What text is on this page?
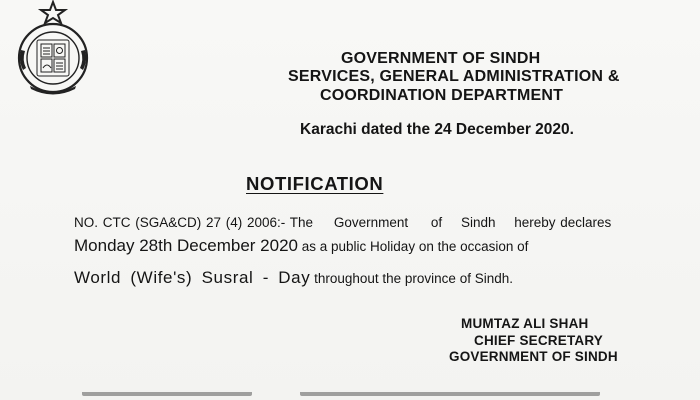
GOVERNMENT OF SINDH
SERVICES, GENERAL ADMINISTRATION &
COORDINATION DEPARTMENT
Karachi dated the 24 December 2020.
NOTIFICATION
NO. CTC (SGA&CD) 27 (4) 2006:- The Government of Sindh hereby declares
Monday 28th December 2020 as a public Holiday on the occasion of
World (Wife's) Susral - Day throughout the province of Sindh.
MUMTAZ ALI SHAH
CHIEF SECRETARY
GOVERNMENT OF SINDH
